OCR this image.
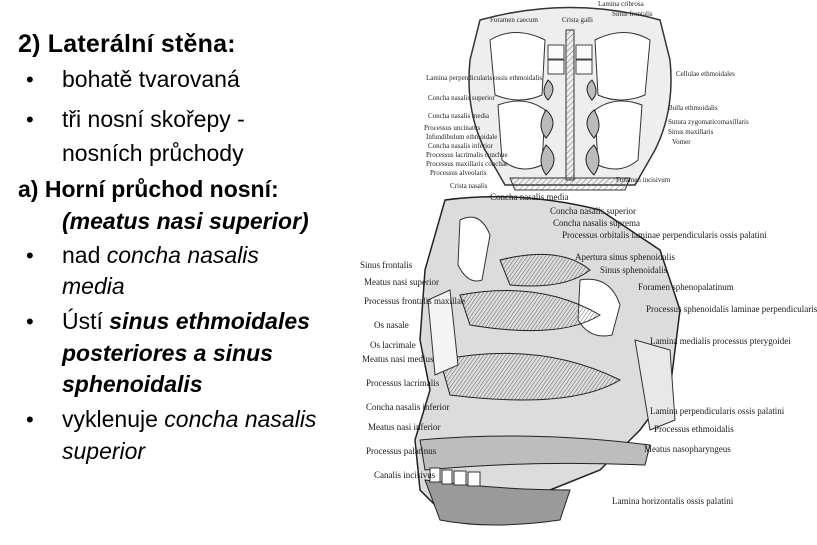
2) Laterální stěna:
• bohatě tvarovaná
• tři nosní skořepy -
nosních průchody
a) Horní průchod nosní:
(meatus nasi superior)
• nad concha nasalis
media
• Ústí sinus ethmoidales
posteriores a sinus
sphenoidalis
• vyklenuje concha nasalis
superior
Lamina cribrosa
Foramen caecum	Crista galli
Sinus frontalis
Lamina perpendicularis ossis ethmoidalis
Concha nasalis superior
Concha nasalis media
Processus uncinatus
Infundibulum ethmoidale
Concha nasalis inferior
Processus lacrimalis conchae
Processus maxillaris conchae
Processus alveolaris
Crista nasalis
Cellulae ethmoidales
Bulla ethmoidalis
Sutura zygomaticomaxillaris
Sinus maxillaris
Vomer
Foramen incisivum
Concha nasalis media
Concha nasalis superior
Concha nasalis suprema
Processus orbitalis laminae perpendicularis ossis palatini
Apertura sinus sphenoidalis
Sinus sphenoidalis
Foramen sphenopalatinum
Processus sphenoidalis laminae perpendicularis
Lamina medialis processus pterygoidei
Lamina perpendicularis ossis palatini
Processus ethmoidalis
Meatus nasopharyngeus
Lamina horizontalis ossis palatini
Sinus frontalis
Meatus nasi superior
Processus frontalis maxillae
Os nasale
Os lacrimale
Meatus nasi medius
Processus lacrimalis
Concha nasalis inferior
Meatus nasi inferior
Processus palatinus
Canalis incisivus
